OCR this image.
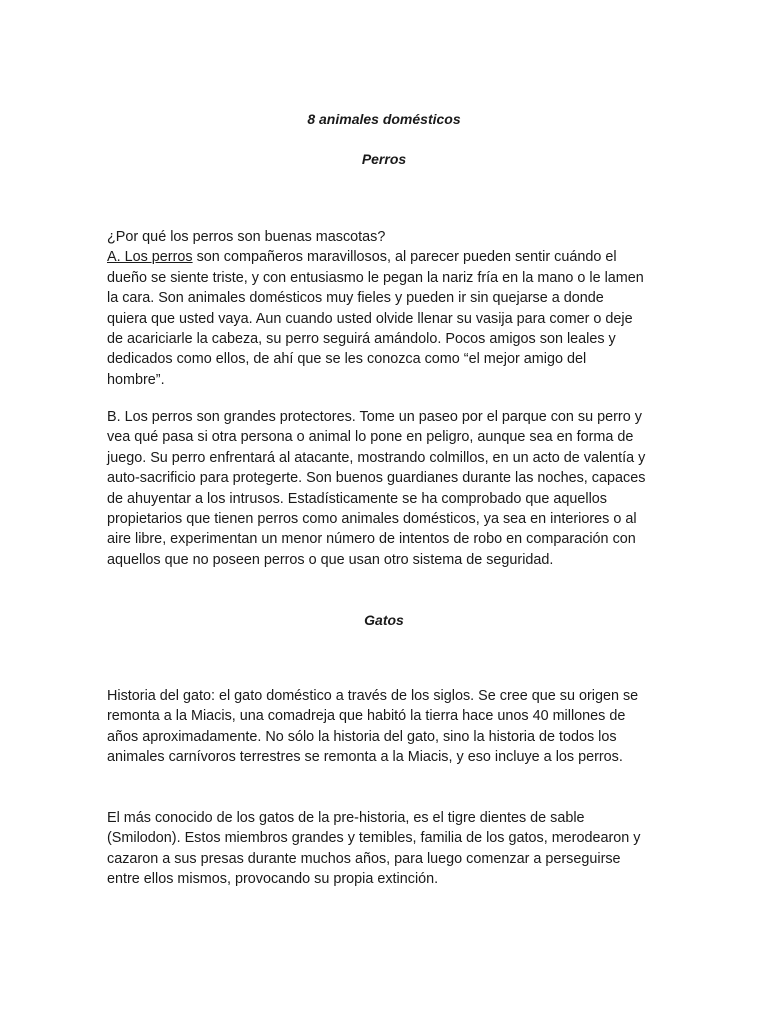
8 animales domésticos
Perros

¿Por qué los perros son buenas mascotas?
A. Los perros son compañeros maravillosos, al parecer pueden sentir cuándo el dueño se siente triste, y con entusiasmo le pegan la nariz fría en la mano o le lamen la cara. Son animales domésticos muy fieles y pueden ir sin quejarse a donde quiera que usted vaya. Aun cuando usted olvide llenar su vasija para comer o deje de acariciarle la cabeza, su perro seguirá amándolo. Pocos amigos son leales y dedicados como ellos, de ahí que se les conozca como “el mejor amigo del hombre”.

B. Los perros son grandes protectores. Tome un paseo por el parque con su perro y vea qué pasa si otra persona o animal lo pone en peligro, aunque sea en forma de juego. Su perro enfrentará al atacante, mostrando colmillos, en un acto de valentía y auto-sacrificio para protegerte. Son buenos guardianes durante las noches, capaces de ahuyentar a los intrusos. Estadísticamente se ha comprobado que aquellos propietarios que tienen perros como animales domésticos, ya sea en interiores o al aire libre, experimentan un menor número de intentos de robo en comparación con aquellos que no poseen perros o que usan otro sistema de seguridad.

Gatos

Historia del gato: el gato doméstico a través de los siglos. Se cree que su origen se remonta a la Miacis, una comadreja que habitó la tierra hace unos 40 millones de años aproximadamente. No sólo la historia del gato, sino la historia de todos los animales carnívoros terrestres se remonta a la Miacis, y eso incluye a los perros.

El más conocido de los gatos de la pre-historia, es el tigre dientes de sable (Smilodon). Estos miembros grandes y temibles, familia de los gatos, merodearon y cazaron a sus presas durante muchos años, para luego comenzar a perseguirse entre ellos mismos, provocando su propia extinción.
